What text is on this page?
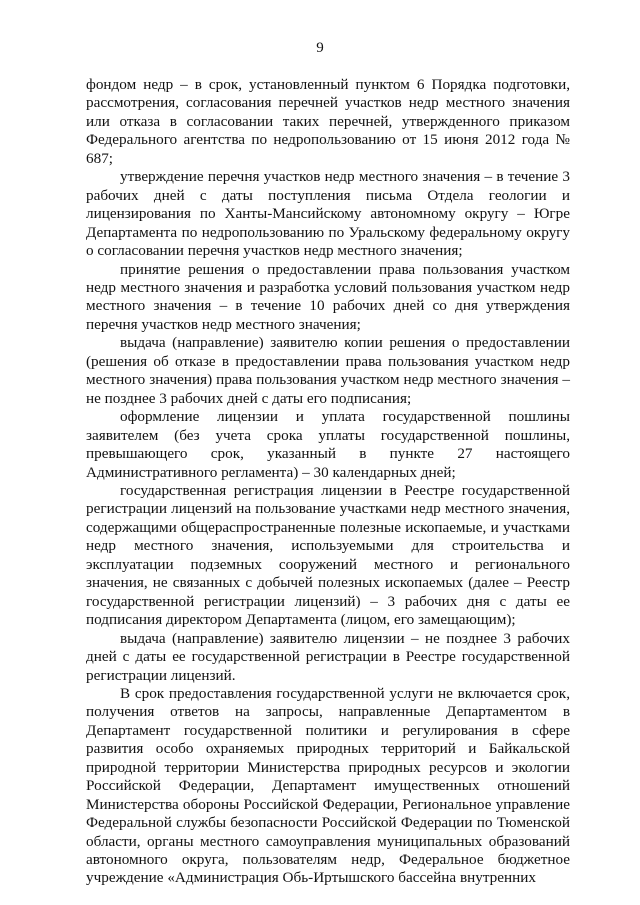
9

фондом недр – в срок, установленный пунктом 6 Порядка подготовки, рассмотрения, согласования перечней участков недр местного значения или отказа в согласовании таких перечней, утвержденного приказом Федерального агентства по недропользованию от 15 июня 2012 года № 687;

утверждение перечня участков недр местного значения – в течение 3 рабочих дней с даты поступления письма Отдела геологии и лицензирования по Ханты-Мансийскому автономному округу – Югре Департамента по недропользованию по Уральскому федеральному округу о согласовании перечня участков недр местного значения;

принятие решения о предоставлении права пользования участком недр местного значения и разработка условий пользования участком недр местного значения – в течение 10 рабочих дней со дня утверждения перечня участков недр местного значения;

выдача (направление) заявителю копии решения о предоставлении (решения об отказе в предоставлении права пользования участком недр местного значения) права пользования участком недр местного значения – не позднее 3 рабочих дней с даты его подписания;

оформление лицензии и уплата государственной пошлины заявителем (без учета срока уплаты государственной пошлины, превышающего срок, указанный в пункте 27 настоящего Административного регламента) – 30 календарных дней;

государственная регистрация лицензии в Реестре государственной регистрации лицензий на пользование участками недр местного значения, содержащими общераспространенные полезные ископаемые, и участками недр местного значения, используемыми для строительства и эксплуатации подземных сооружений местного и регионального значения, не связанных с добычей полезных ископаемых (далее – Реестр государственной регистрации лицензий) – 3 рабочих дня с даты ее подписания директором Департамента (лицом, его замещающим);

выдача (направление) заявителю лицензии – не позднее 3 рабочих дней с даты ее государственной регистрации в Реестре государственной регистрации лицензий.

В срок предоставления государственной услуги не включается срок, получения ответов на запросы, направленные Департаментом в Департамент государственной политики и регулирования в сфере развития особо охраняемых природных территорий и Байкальской природной территории Министерства природных ресурсов и экологии Российской Федерации, Департамент имущественных отношений Министерства обороны Российской Федерации, Региональное управление Федеральной службы безопасности Российской Федерации по Тюменской области, органы местного самоуправления муниципальных образований автономного округа, пользователям недр, Федеральное бюджетное учреждение «Администрация Обь-Иртышского бассейна внутренних
